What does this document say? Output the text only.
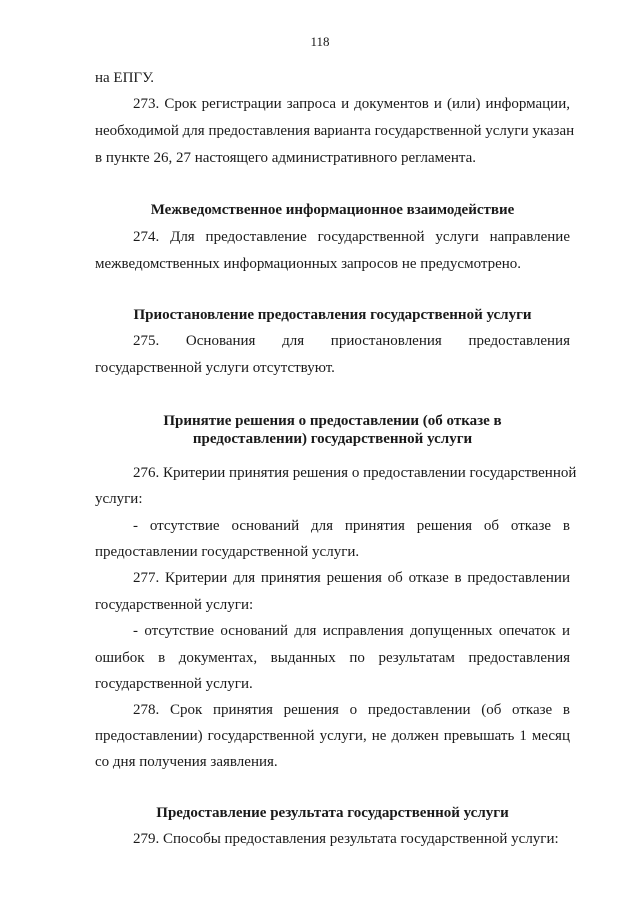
118
на ЕПГУ.
273. Срок регистрации запроса и документов и (или) информации,
необходимой для предоставления варианта государственной услуги указан
в пункте 26, 27 настоящего административного регламента.
Межведомственное информационное взаимодействие
274. Для предоставление государственной услуги направление
межведомственных информационных запросов не предусмотрено.
Приостановление предоставления государственной услуги
275. Основания для приостановления предоставления
государственной услуги отсутствуют.
Принятие решения о предоставлении (об отказе в
предоставлении) государственной услуги
276. Критерии принятия решения о предоставлении государственной
услуги:
- отсутствие оснований для принятия решения об отказе в
предоставлении государственной услуги.
277. Критерии для принятия решения об отказе в предоставлении
государственной услуги:
- отсутствие оснований для исправления допущенных опечаток и
ошибок в документах, выданных по результатам предоставления
государственной услуги.
278. Срок принятия решения о предоставлении (об отказе в
предоставлении) государственной услуги, не должен превышать 1 месяц
со дня получения заявления.
Предоставление результата государственной услуги
279. Способы предоставления результата государственной услуги:
